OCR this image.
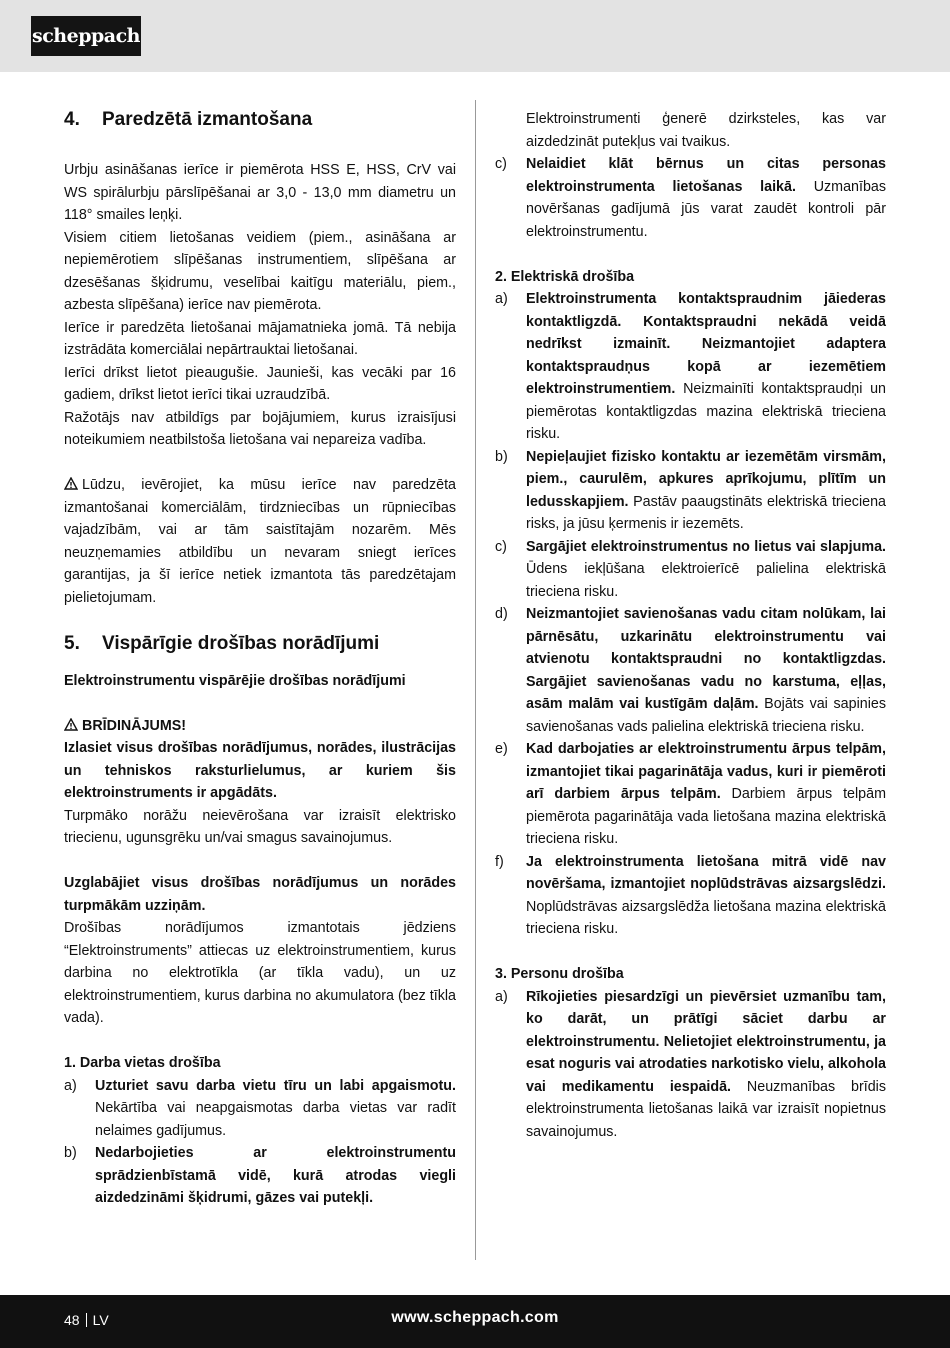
scheppach
4. Paredzētā izmantošana

Urbju asināšanas ierīce ir piemērota HSS E, HSS, CrV vai WS spirālurbju pārslīpēšanai ar 3,0 - 13,0 mm diametru un 118° smailes leņķi.

Visiem citiem lietošanas veidiem (piem., asināšana ar nepiemērotiem slīpēšanas instrumentiem, slīpēšana ar dzesēšanas šķidrumu, veselībai kaitīgu materiālu, piem., azbesta slīpēšana) ierīce nav piemērota.

Ierīce ir paredzēta lietošanai mājamatnieka jomā. Tā nebija izstrādāta komerciālai nepārtrauktai lietošanai.

Ierīci drīkst lietot pieaugušie. Jaunieši, kas vecāki par 16 gadiem, drīkst lietot ierīci tikai uzraudzībā.

Ražotājs nav atbildīgs par bojājumiem, kurus izraisījusi noteikumiem neatbilstoša lietošana vai nepareiza vadība.

Lūdzu, ievērojiet, ka mūsu ierīce nav paredzēta izmantošanai komerciālām, tirdzniecības un rūpniecības vajadzībām, vai ar tām saistītajām nozarēm. Mēs neuzņemamies atbildību un nevaram sniegt ierīces garantijas, ja šī ierīce netiek izmantota tās paredzētajam pielietojumam.

5. Vispārīgie drošības norādījumi

Elektroinstrumentu vispārējie drošības norādījumi

BRĪDINĀJUMS!

Izlasiet visus drošības norādījumus, norādes, ilustrācijas un tehniskos raksturlielumus, ar kuriem šis elektroinstruments ir apgādāts.

Turpmāko norāžu neievērošana var izraisīt elektrisko triecienu, ugunsgrēku un/vai smagus savainojumus.

Uzglabājiet visus drošības norādījumus un norādes turpmākām uzziņām.

Drošības norādījumos izmantotais jēdziens “Elektroinstruments” attiecas uz elektroinstrumentiem, kurus darbina no elektrotīkla (ar tīkla vadu), un uz elektroinstrumentiem, kurus darbina no akumulatora (bez tīkla vada).

1. Darba vietas drošība

a)	Uzturiet savu darba vietu tīru un labi apgaismotu. Nekārtība vai neapgaismotas darba vietas var radīt nelaimes gadījumus.
b)	Nedarbojieties ar elektroinstrumentu sprādzienbīstamā vidē, kurā atrodas viegli aizdedzināmi šķidrumi, gāzes vai putekļi.
Elektroinstrumenti ģenerē dzirksteles, kas var aizdedzināt putekļus vai tvaikus.
c)	Nelaidiet klāt bērnus un citas personas elektroinstrumenta lietošanas laikā. Uzmanības novēršanas gadījumā jūs varat zaudēt kontroli pār elektroinstrumentu.

2. Elektriskā drošība

a)	Elektroinstrumenta kontaktspraudnim jāiederas kontaktligzdā. Kontaktspraudni nekādā veidā nedrīkst izmainīt. Neizmantojiet adaptera kontaktspraudņus kopā ar iezemētiem elektroinstrumentiem. Neizmainīti kontaktspraudņi un piemērotas kontaktligzdas mazina elektriskā trieciena risku.
b)	Nepieļaujiet fizisko kontaktu ar iezemētām virsmām, piem., caurulēm, apkures aprīkojumu, plītīm un ledusskapjiem. Pastāv paaugstināts elektriskā trieciena risks, ja jūsu ķermenis ir iezemēts.
c)	Sargājiet elektroinstrumentus no lietus vai slapjuma. Ūdens iekļūšana elektroierīcē palielina elektriskā trieciena risku.
d)	Neizmantojiet savienošanas vadu citam nolūkam, lai pārnēsātu, uzkarinātu elektroinstrumentu vai atvienotu kontaktspraudni no kontaktligzdas. Sargājiet savienošanas vadu no karstuma, eļļas, asām malām vai kustīgām daļām. Bojāts vai sapinies savienošanas vads palielina elektriskā trieciena risku.
e)	Kad darbojaties ar elektroinstrumentu ārpus telpām, izmantojiet tikai pagarinātāja vadus, kuri ir piemēroti arī darbiem ārpus telpām. Darbiem ārpus telpām piemērota pagarinātāja vada lietošana mazina elektriskā trieciena risku.
f)	Ja elektroinstrumenta lietošana mitrā vidē nav novēršama, izmantojiet noplūdstrāvas aizsargslēdzi. Noplūdstrāvas aizsargslēdža lietošana mazina elektriskā trieciena risku.

3. Personu drošība

a)	Rīkojieties piesardzīgi un pievērsiet uzmanību tam, ko darāt, un prātīgi sāciet darbu ar elektroinstrumentu. Nelietojiet elektroinstrumentu, ja esat noguris vai atrodaties narkotisko vielu, alkohola vai medikamentu iespaidā. Neuzmanības brīdis elektroinstrumenta lietošanas laikā var izraisīt nopietnus savainojumus.
48 LV	www.scheppach.com
